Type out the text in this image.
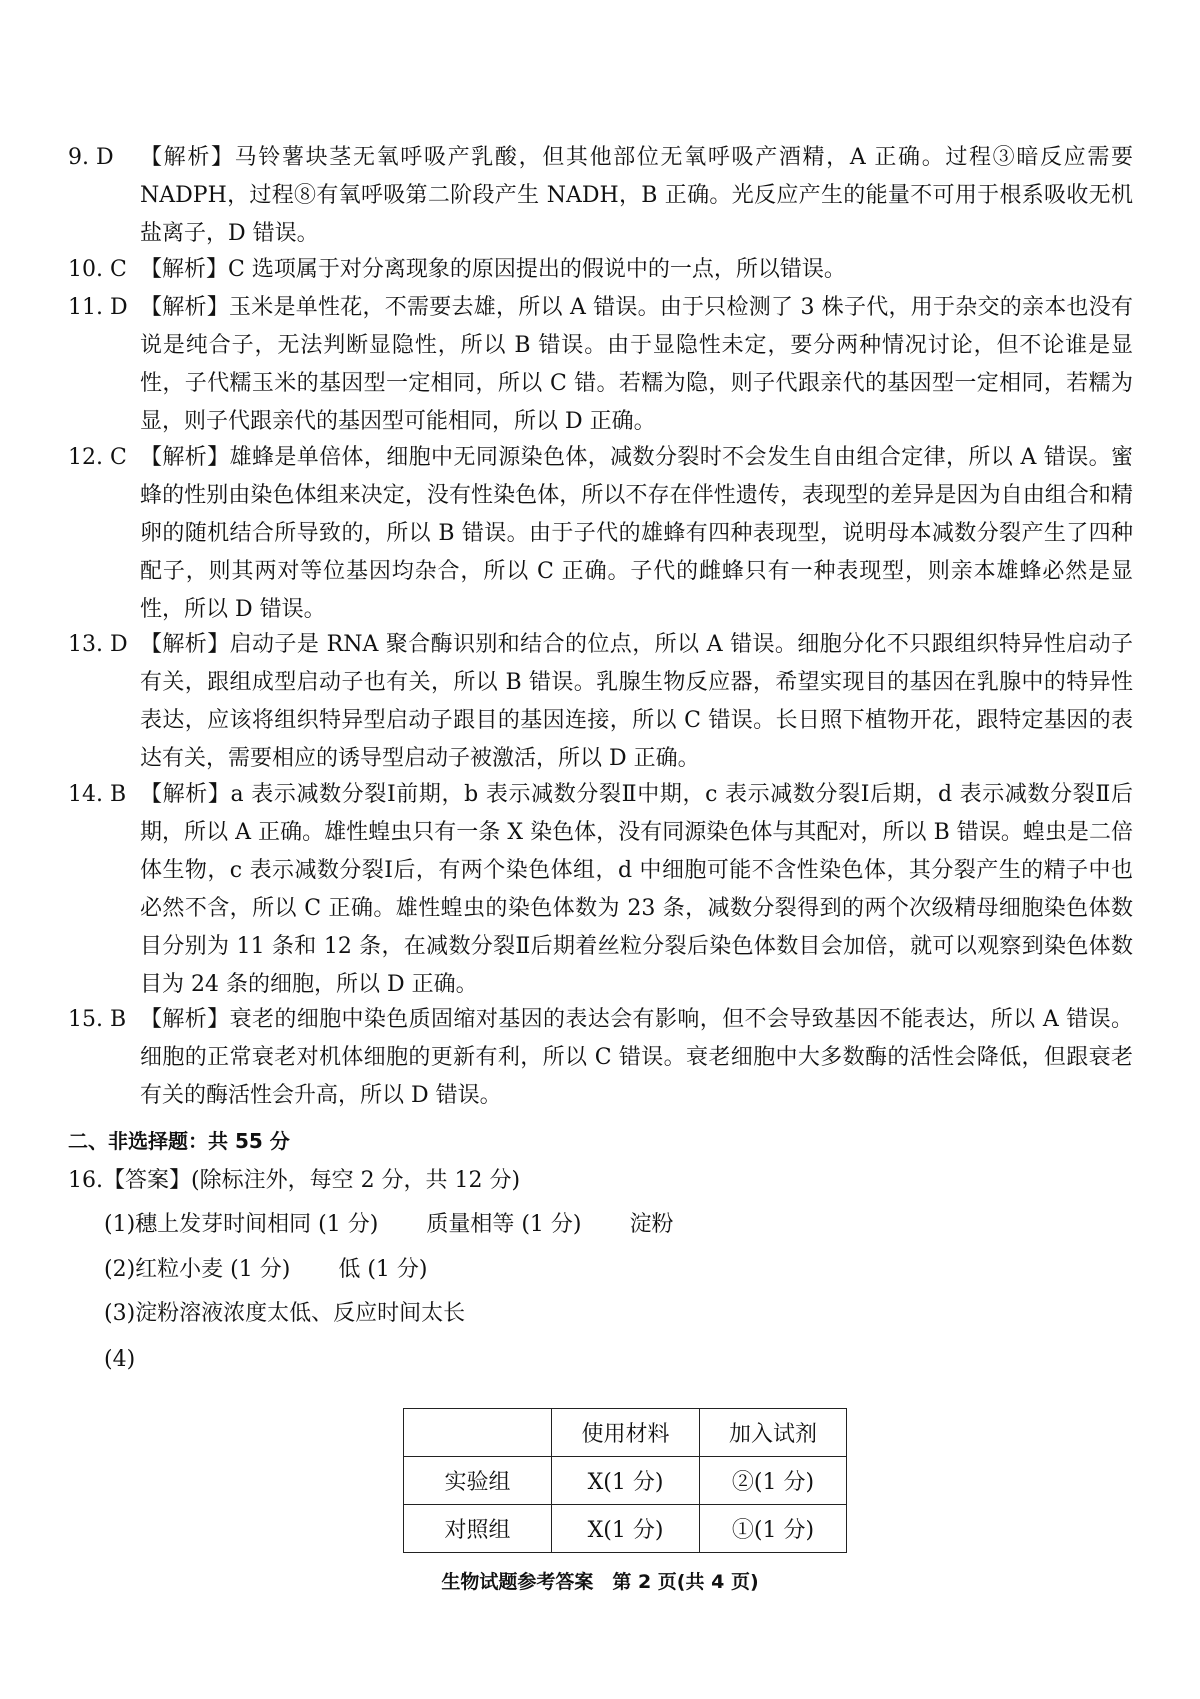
9. D	【解析】马铃薯块茎无氧呼吸产乳酸，但其他部位无氧呼吸产酒精，A 正确。过程③暗反应需要 NADPH，过程⑧有氧呼吸第二阶段产生 NADH，B 正确。光反应产生的能量不可用于根系吸收无机盐离子，D 错误。
10. C 【解析】C 选项属于对分离现象的原因提出的假说中的一点，所以错误。
11. D 【解析】玉米是单性花，不需要去雄，所以 A 错误。由于只检测了 3 株子代，用于杂交的亲本也没有说是纯合子，无法判断显隐性，所以 B 错误。由于显隐性未定，要分两种情况讨论，但不论谁是显性，子代糯玉米的基因型一定相同，所以 C 错。若糯为隐，则子代跟亲代的基因型一定相同，若糯为显，则子代跟亲代的基因型可能相同，所以 D 正确。
12. C 【解析】雄蜂是单倍体，细胞中无同源染色体，减数分裂时不会发生自由组合定律，所以 A 错误。蜜蜂的性别由染色体组来决定，没有性染色体，所以不存在伴性遗传，表现型的差异是因为自由组合和精卵的随机结合所导致的，所以 B 错误。由于子代的雄蜂有四种表现型，说明母本减数分裂产生了四种配子，则其两对等位基因均杂合，所以 C 正确。子代的雌蜂只有一种表现型，则亲本雄蜂必然是显性，所以 D 错误。
13. D 【解析】启动子是 RNA 聚合酶识别和结合的位点，所以 A 错误。细胞分化不只跟组织特异性启动子有关，跟组成型启动子也有关，所以 B 错误。乳腺生物反应器，希望实现目的基因在乳腺中的特异性表达，应该将组织特异型启动子跟目的基因连接，所以 C 错误。长日照下植物开花，跟特定基因的表达有关，需要相应的诱导型启动子被激活，所以 D 正确。
14. B 【解析】a 表示减数分裂Ⅰ前期，b 表示减数分裂Ⅱ中期，c 表示减数分裂Ⅰ后期，d 表示减数分裂Ⅱ后期，所以 A 正确。雄性蝗虫只有一条 X 染色体，没有同源染色体与其配对，所以 B 错误。蝗虫是二倍体生物，c 表示减数分裂Ⅰ后，有两个染色体组，d 中细胞可能不含性染色体，其分裂产生的精子中也必然不含，所以 C 正确。雄性蝗虫的染色体数为 23 条，减数分裂得到的两个次级精母细胞染色体数目分别为 11 条和 12 条，在减数分裂Ⅱ后期着丝粒分裂后染色体数目会加倍，就可以观察到染色体数目为 24 条的细胞，所以 D 正确。
15. B 【解析】衰老的细胞中染色质固缩对基因的表达会有影响，但不会导致基因不能表达，所以 A 错误。细胞的正常衰老对机体细胞的更新有利，所以 C 错误。衰老细胞中大多数酶的活性会降低，但跟衰老有关的酶活性会升高，所以 D 错误。
二、非选择题：共 55 分
16.【答案】(除标注外，每空 2 分，共 12 分)
(1)穗上发芽时间相同 (1 分) 质量相等 (1 分) 淀粉
(2)红粒小麦 (1 分) 低 (1 分)
(3)淀粉溶液浓度太低、反应时间太长
(4)
	使用材料	加入试剂
实验组	X(1 分)	②(1 分)
对照组	X(1 分)	①(1 分)
生物试题参考答案　第 2 页(共 4 页)
